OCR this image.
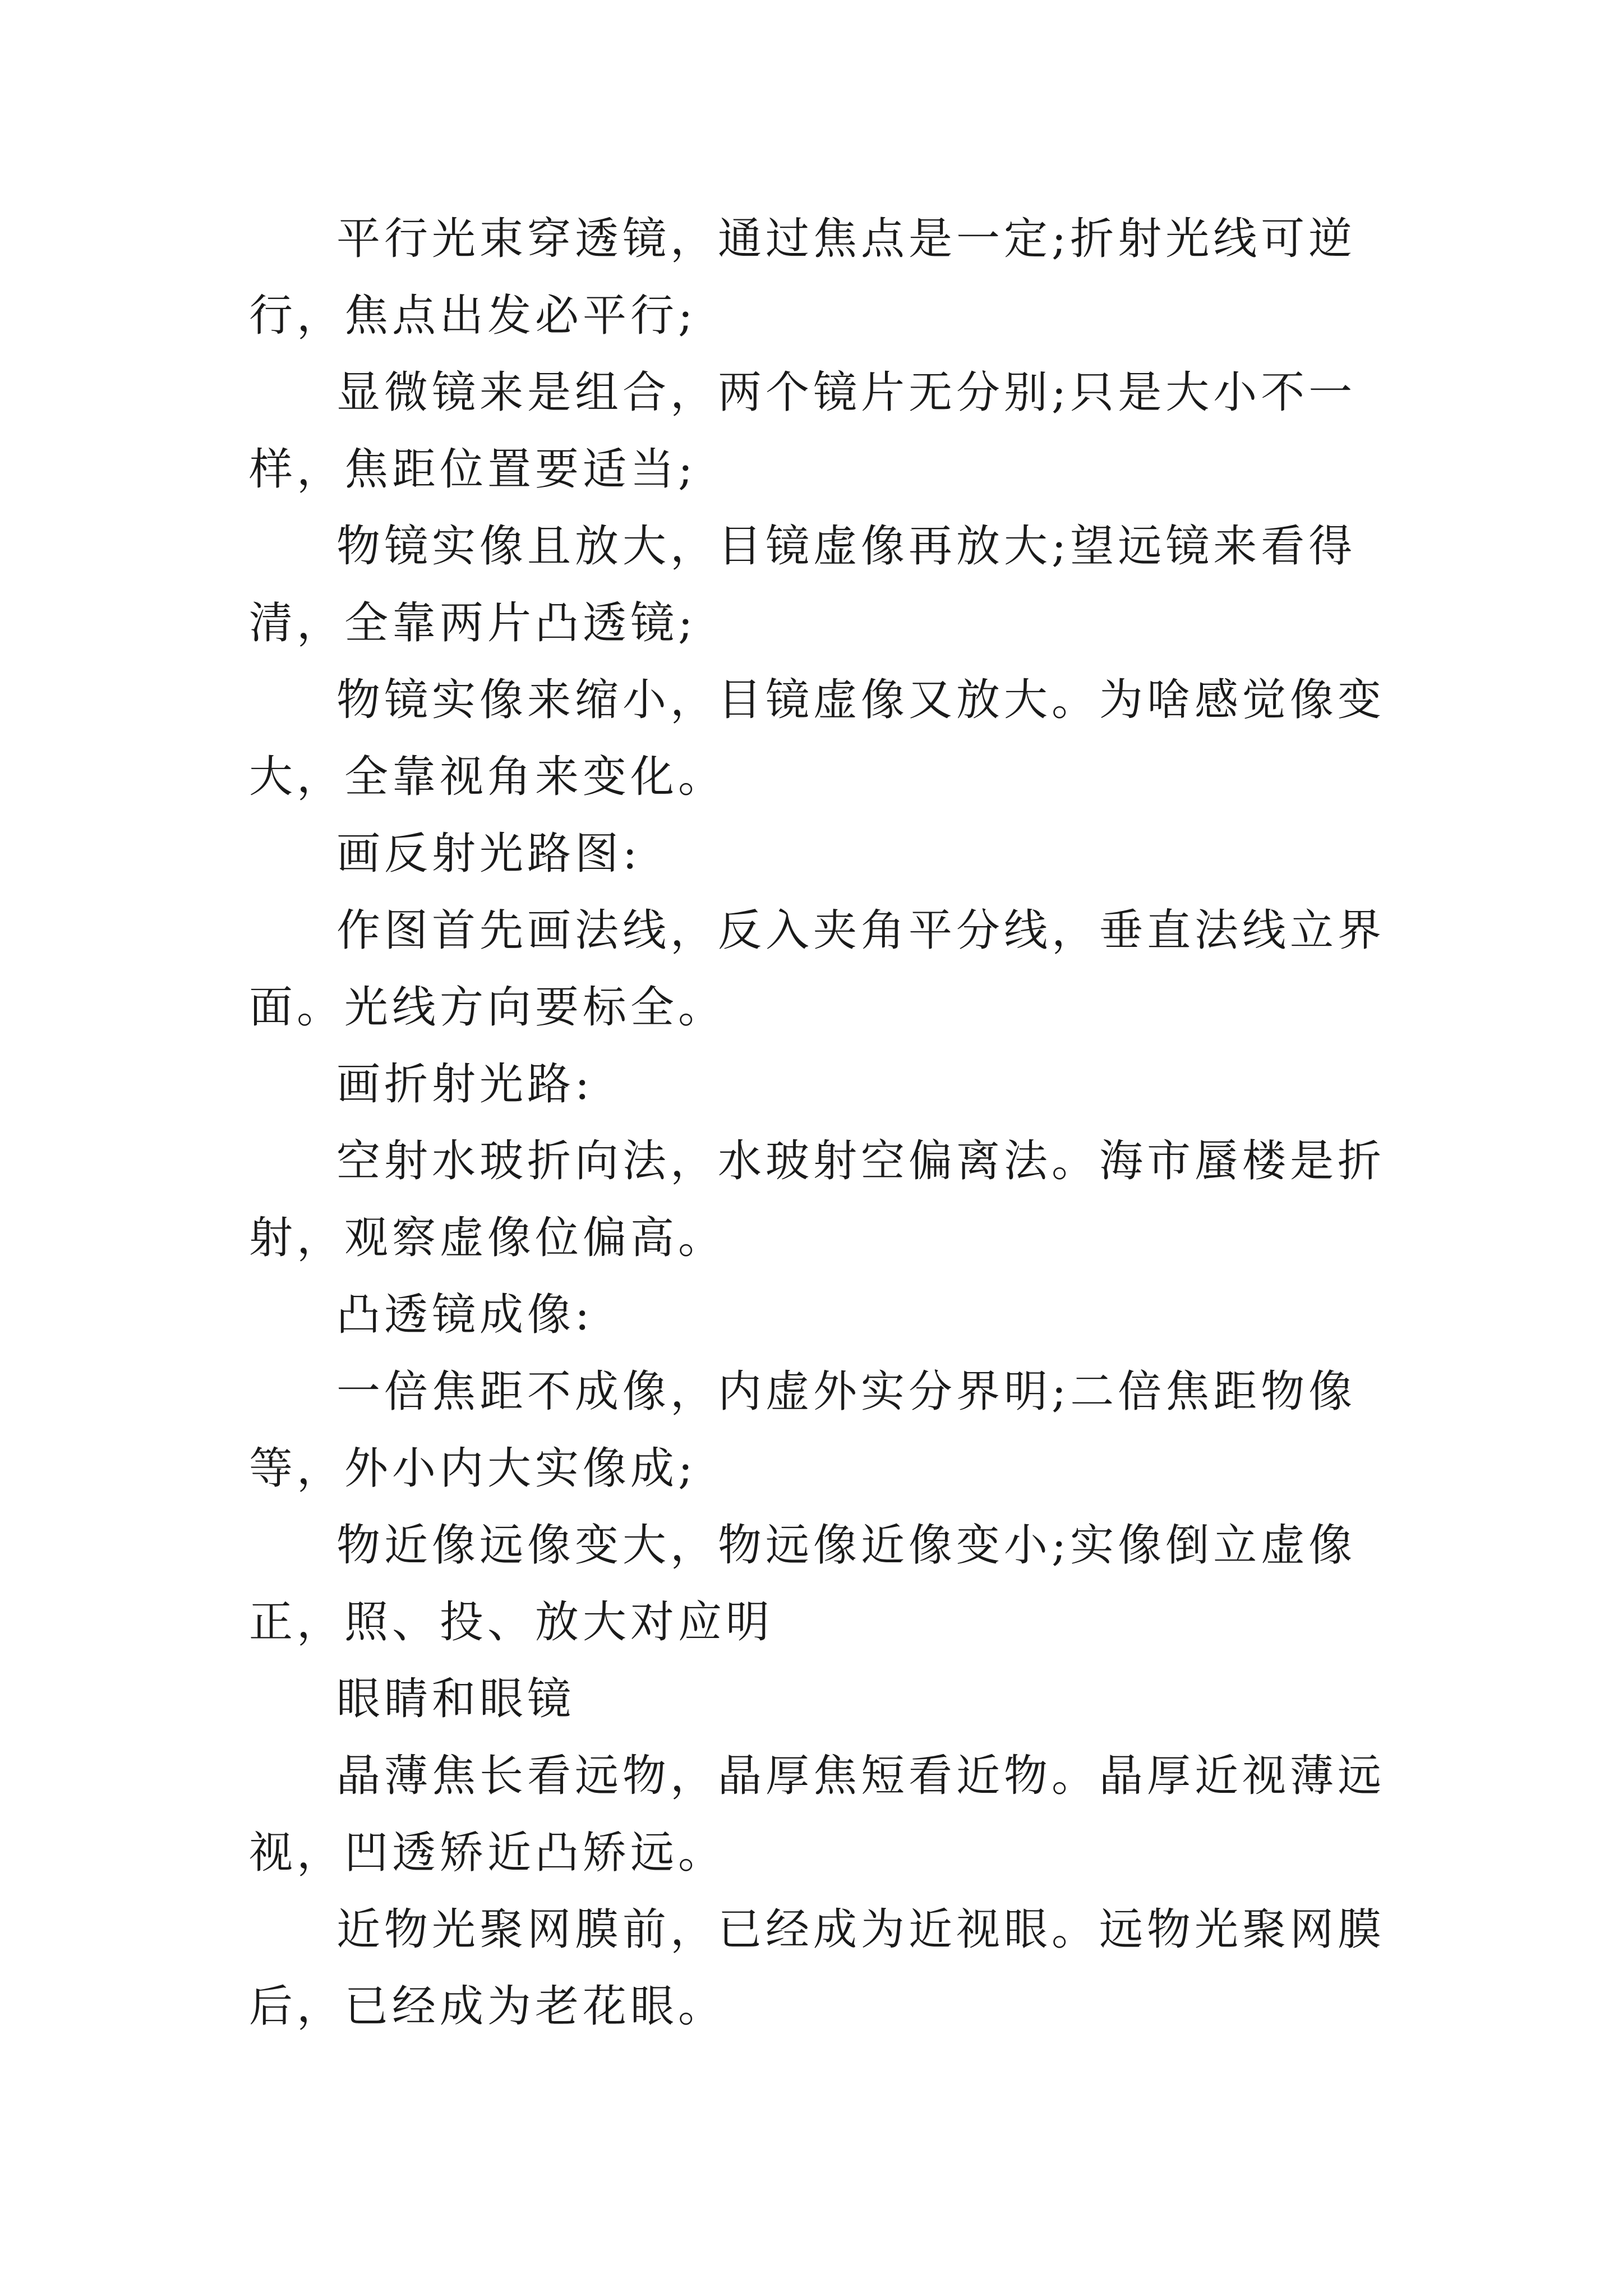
平行光束穿透镜，通过焦点是一定;折射光线可逆行，焦点出发必平行;

显微镜来是组合，两个镜片无分别;只是大小不一样，焦距位置要适当;

物镜实像且放大，目镜虚像再放大;望远镜来看得清，全靠两片凸透镜;

物镜实像来缩小，目镜虚像又放大。为啥感觉像变大，全靠视角来变化。

画反射光路图:

作图首先画法线，反入夹角平分线，垂直法线立界面。光线方向要标全。

画折射光路:

空射水玻折向法，水玻射空偏离法。海市蜃楼是折射，观察虚像位偏高。

凸透镜成像:

一倍焦距不成像，内虚外实分界明;二倍焦距物像等，外小内大实像成;

物近像远像变大，物远像近像变小;实像倒立虚像正，照、投、放大对应明

眼睛和眼镜

晶薄焦长看远物，晶厚焦短看近物。晶厚近视薄远视，凹透矫近凸矫远。

近物光聚网膜前，已经成为近视眼。远物光聚网膜后，已经成为老花眼。
